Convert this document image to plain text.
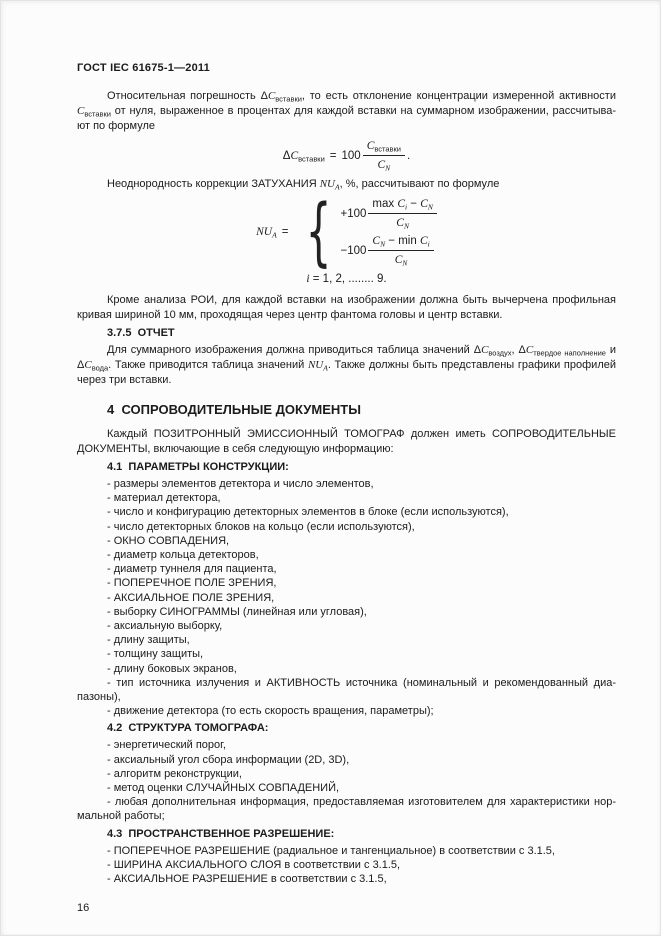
ГОСТ IEC 61675-1—2011
Относительная погрешность $\Delta C_{вставки}$, то есть отклонение концентрации измеренной активности $C_{вставки}$ от нуля, выраженное в процентах для каждой вставки на суммарном изображении, рассчитывают по формуле
$\Delta C_{вставки} = 100 \frac{C_{вставки}}{C_N}$ .
Неоднородность коррекции ЗАТУХАНИЯ $NU_A$, %, рассчитывают по формуле
$NU_A$ = { $+100 \frac{\max C_i - C_N}{C_N}$
$-100 \frac{C_N - \min C_i}{C_N}$
i = 1, 2, ........ 9.
Кроме анализа РОИ, для каждой вставки на изображении должна быть вычерчена профильная кривая шириной 10 мм, проходящая через центр фантома головы и центр вставки.
3.7.5  ОТЧЕТ
Для суммарного изображения должна приводиться таблица значений $\Delta C_{воздух}$, $\Delta C_{твердое наполнение}$ и $\Delta C_{вода}$. Также приводится таблица значений $NU_A$. Также должны быть представлены графики профилей через три вставки.
4  СОПРОВОДИТЕЛЬНЫЕ ДОКУМЕНТЫ
Каждый ПОЗИТРОННЫЙ ЭМИССИОННЫЙ ТОМОГРАФ должен иметь СОПРОВОДИТЕЛЬНЫЕ ДОКУМЕНТЫ, включающие в себя следующую информацию:
4.1  ПАРАМЕТРЫ КОНСТРУКЦИИ:
- размеры элементов детектора и число элементов,
- материал детектора,
- число и конфигурацию детекторных элементов в блоке (если используются),
- число детекторных блоков на кольцо (если используются),
- ОКНО СОВПАДЕНИЯ,
- диаметр кольца детекторов,
- диаметр туннеля для пациента,
- ПОПЕРЕЧНОЕ ПОЛЕ ЗРЕНИЯ,
- АКСИАЛЬНОЕ ПОЛЕ ЗРЕНИЯ,
- выборку СИНОГРАММЫ (линейная или угловая),
- аксиальную выборку,
- длину защиты,
- толщину защиты,
- длину боковых экранов,
- тип источника излучения и АКТИВНОСТЬ источника (номинальный и рекомендованный диапазоны),
- движение детектора (то есть скорость вращения, параметры);
4.2  СТРУКТУРА ТОМОГРАФА:
- энергетический порог,
- аксиальный угол сбора информации (2D, 3D),
- алгоритм реконструкции,
- метод оценки СЛУЧАЙНЫХ СОВПАДЕНИЙ,
- любая дополнительная информация, предоставляемая изготовителем для характеристики нормальной работы;
4.3  ПРОСТРАНСТВЕННОЕ РАЗРЕШЕНИЕ:
- ПОПЕРЕЧНОЕ РАЗРЕШЕНИЕ (радиальное и тангенциальное) в соответствии с 3.1.5,
- ШИРИНА АКСИАЛЬНОГО СЛОЯ в соответствии с 3.1.5,
- АКСИАЛЬНОЕ РАЗРЕШЕНИЕ в соответствии с 3.1.5,
16
